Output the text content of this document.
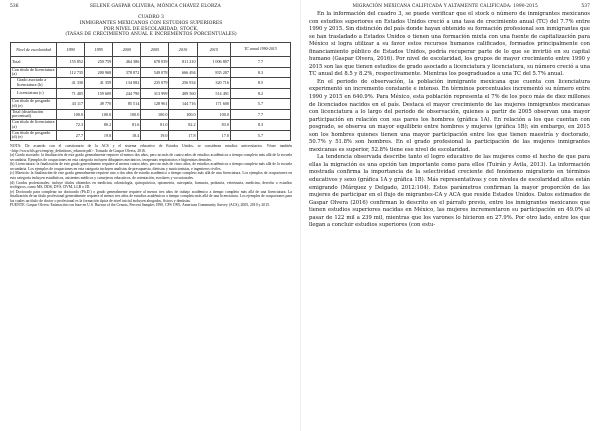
536	SELENE GASPAR OLIVERA, MÓNICA CHÁVEZ ELORZA
CUADRO 3
INMIGRANTES MEXICANOS CON ESTUDIOS SUPERIORES
POR NIVEL DE ESCOLARIDAD, STOCK,
(TASAS DE CRECIMIENTO ANUAL E INCREMENTOS PORCENTUALES)
Nivel de escolaridad	1990	1995	2000	2005	2010	2015	TC anual 1990-2015
Total	155 852	250 759	464 386	678 039	811 210	1 006 807	7.7
Con título de licenciatura (a)	112 735	200 968	378 872	549 078	666 494	835 207	8.3
Grado asociado a licenciatura (b)	41 330	41 359	134 082	235 079	256 934	320 716	8.5
Licenciatura (c)	71 405	159 609	244 790	313 999	409 560	514 491	8.2
Con título de posgrado (d) (e)	43 117	49 770	85 514	128 961	144 716	171 600	5.7
Total (distribución porcentual)	100.0	100.0	100.0	100.0	100.0	100.0	7.7
Con título de licenciatura (a)	72.3	80.2	81.6	81.0	82.2	83.0	8.3
Con título de posgrado (d) (e)	27.7	19.8	18.4	19.0	17.8	17.0	5.7

NOTA: De acuerdo con el cuestionario de la ACS y el sistema educativo de Estados Unidos, se consideran estudios universitarios. Véase también <http://www.bls.gov/emp/ep_definitions_edunote.pdf>. Tomado de Gaspar Olvera, 2016.

(a) Grado asociado: la finalización de este grado generalmente requiere al menos dos años, pero no más de cuatro años de estudios académicos a tiempo completo más allá de la escuela secundaria. Ejemplos de ocupaciones en esta categoría incluyen dibujantes mecánicos, terapeutas respiratorios e higienistas dentales.

(b) Licenciatura: la finalización de este grado generalmente requiere al menos cuatro años, pero no más de cinco años, de estudios académicos a tiempo completo más allá de la escuela secundaria. Los ejemplos de ocupaciones en esta categoría incluyen analistas de presupuesto, dietistas y nutricionistas, e ingenieros civiles.

(c) Maestría: la finalización de este grado generalmente requiere uno o dos años de estudio académico a tiempo completo más allá de una licenciatura. Los ejemplos de ocupaciones en esta categoría incluyen estadísticos, asistentes médicos y consejeros educativos, de orientación, escolares y vocacionales.

(d) Grados profesionales: incluye títulos obtenidos en medicina, odontología, quiropráctica, optometría, osteopatía, farmacia, podiatría, veterinaria, medicina, derecho o estudios teológicos, como MS, DDS, DVS, DVM, LLB o JD.

(e) Doctorado para completar un doctorado (Ph.D.) o grado generalmente requiere al menos tres años de trabajo académico a tiempo completo más allá de una licenciatura. La finalización de un título profesional generalmente requiere al menos tres años de estudios académicos a tiempo completo más allá de una licenciatura. Los ejemplos de ocupaciones para las cuales un título de doctor o profesional es la formación típica de nivel inicial incluyen abogados, físicos y dentistas.

FUENTE: Gaspar Olvera. Estimación con base en U.S. Bureau of the Census, Percent Samples 1990, CPS 1995, American Community Survey (ACS), 2005, 2010 y 2015.

MIGRACIÓN MEXICANA CALIFICADA Y ALTAMENTE CALIFICADA: 1990-2015	537

En la información del cuadro 3, se puede verificar que el stock o número de inmigrantes mexicanos con estudios superiores en Estados Unidos creció a una tasa de crecimiento anual (TC) del 7.7% entre 1990 y 2015. Sin distinción del país donde hayan obtenido su formación profesional son inmigrantes que se han trasladado a Estados Unidos o tienen una formación mixta con una fuente de capitalización para México si logra utilizar a su favor estos recursos humanos calificados, formados principalmente con financiamiento público de Estados Unidos, podría recuperar parte de lo que se invirtió en su capital humano (Gaspar Olvera, 2016). Por nivel de escolaridad, los grupos de mayor crecimiento entre 1990 y 2015 son las que tienen estudios de grado asociado a licenciatura y licenciatura, su número creció a una TC anual del 8.5 y 8.2%, respectivamente. Mientras los posgraduados a una TC del 5.7% anual.

En el periodo de observación, la población inmigrante mexicana que cuenta con licenciatura experimentó un incremento constante e intenso. En términos porcentuales incrementó su número entre 1990 y 2015 en 640.9%. Para México, esta población representa el 7% de los poco más de diez millones de licenciados nacidos en el país. Destaca el mayor crecimiento de las mujeres inmigrantes mexicanas con licenciatura a lo largo del periodo de observación, quienes a partir de 2005 observan una mayor participación en relación con sus pares los hombres (gráfica 1A). En relación a los que cuentan con posgrado, se observa un mayor equilibrio entre hombres y mujeres (gráfica 1B); sin embargo, en 2015 son los hombres quienes tienen una mayor participación entre los que tienen maestría y doctorado, 50.7% y 51.8% son hombres. En el grado profesional la participación de las mujeres inmigrantes mexicanas es superior, 52.8% tiene ese nivel de escolaridad.

La tendencia observada describe tanto el logro educativo de las mujeres como el hecho de que para ellas la migración es una opción tan importante como para ellos (Tuirán y Ávila, 2013). La información mostrada confirma la importancia de la selectividad creciente del fenómeno migratorio en términos educativos y sexo (gráfica 1A y gráfica 1B). Más representativas y con niveles de escolaridad altos están emigrando (Márquez y Delgado, 2012:104). Estos parámetros confirman la mayor proporción de las mujeres de participar en el flujo de migrantes-CA y ACA que reside Estados Unidos. Datos estimados de Gaspar Olvera (2016) confirman lo descrito en el párrafo previo, entre los inmigrantes mexicanos que tienen estudios superiores nacidas en México, las mujeres incrementaron su participación en 49.0% al pasar de 122 mil a 239 mil, mientras que los varones lo hicieron en 27.9%. Por otro lado, entre los que llegan a concluir estudios superiores (con estu-
